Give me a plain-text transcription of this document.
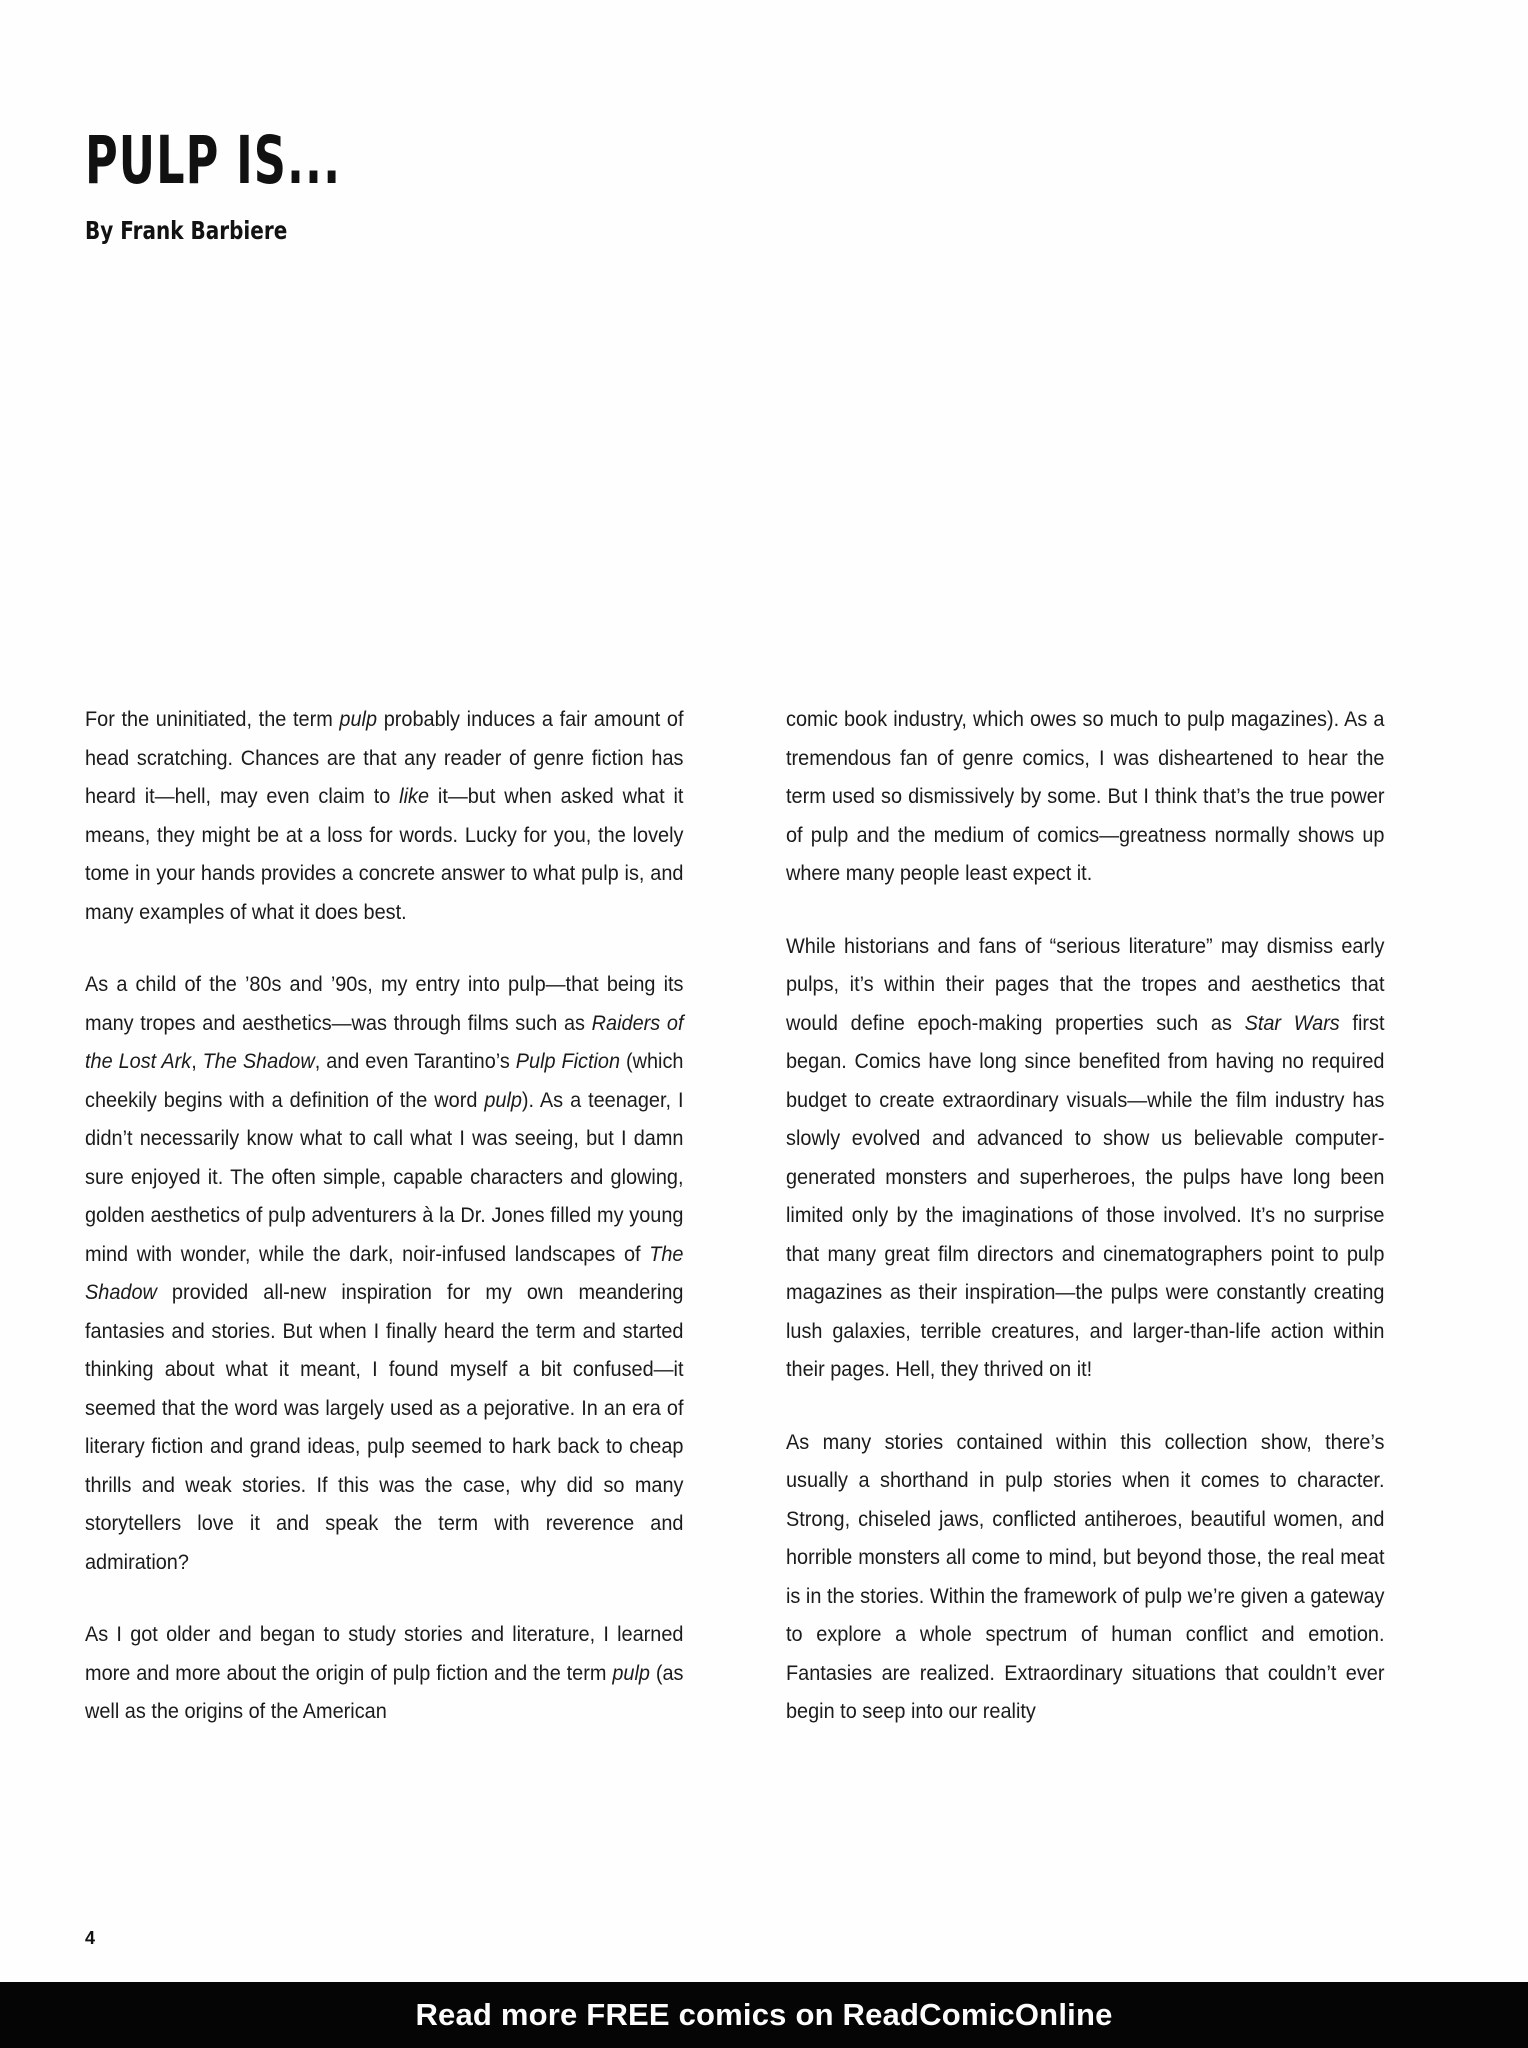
PULP IS...

By Frank Barbiere

For the uninitiated, the term pulp probably induces a fair amount of head scratching. Chances are that any reader of genre fiction has heard it—hell, may even claim to like it—but when asked what it means, they might be at a loss for words. Lucky for you, the lovely tome in your hands provides a concrete answer to what pulp is, and many examples of what it does best.

As a child of the ’80s and ’90s, my entry into pulp—that being its many tropes and aesthetics—was through films such as Raiders of the Lost Ark, The Shadow, and even Tarantino’s Pulp Fiction (which cheekily begins with a definition of the word pulp). As a teenager, I didn’t necessarily know what to call what I was seeing, but I damn sure enjoyed it. The often simple, capable characters and glowing, golden aesthetics of pulp adventurers à la Dr. Jones filled my young mind with wonder, while the dark, noir-infused landscapes of The Shadow provided all-new inspiration for my own meandering fantasies and stories. But when I finally heard the term and started thinking about what it meant, I found myself a bit confused—it seemed that the word was largely used as a pejorative. In an era of literary fiction and grand ideas, pulp seemed to hark back to cheap thrills and weak stories. If this was the case, why did so many storytellers love it and speak the term with reverence and admiration?

As I got older and began to study stories and literature, I learned more and more about the origin of pulp fiction and the term pulp (as well as the origins of the American

comic book industry, which owes so much to pulp magazines). As a tremendous fan of genre comics, I was disheartened to hear the term used so dismissively by some. But I think that’s the true power of pulp and the medium of comics—greatness normally shows up where many people least expect it.

While historians and fans of “serious literature” may dismiss early pulps, it’s within their pages that the tropes and aesthetics that would define epoch-making properties such as Star Wars first began. Comics have long since benefited from having no required budget to create extraordinary visuals—while the film industry has slowly evolved and advanced to show us believable computer-generated monsters and superheroes, the pulps have long been limited only by the imaginations of those involved. It’s no surprise that many great film directors and cinematographers point to pulp magazines as their inspiration—the pulps were constantly creating lush galaxies, terrible creatures, and larger-than-life action within their pages. Hell, they thrived on it!

As many stories contained within this collection show, there’s usually a shorthand in pulp stories when it comes to character. Strong, chiseled jaws, conflicted antiheroes, beautiful women, and horrible monsters all come to mind, but beyond those, the real meat is in the stories. Within the framework of pulp we’re given a gateway to explore a whole spectrum of human conflict and emotion. Fantasies are realized. Extraordinary situations that couldn’t ever begin to seep into our reality

4
Read more FREE comics on ReadComicOnline
